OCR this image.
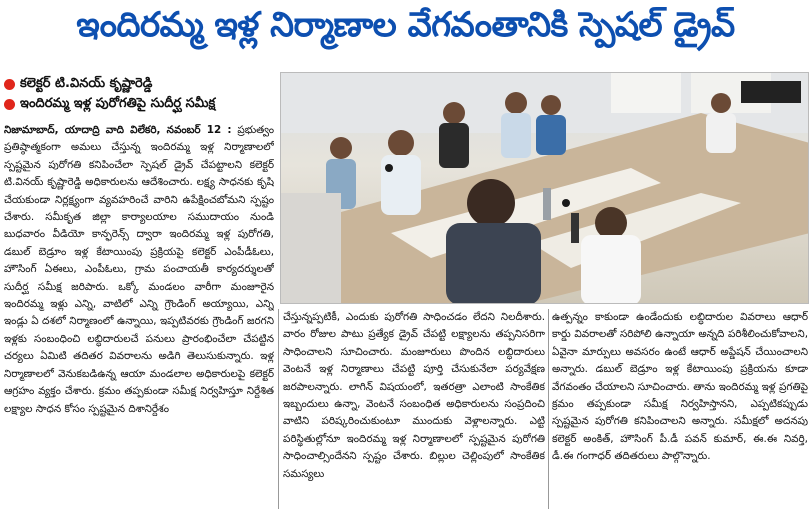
ఇందిరమ్మ ఇళ్ల నిర్మాణాల వేగవంతానికి స్పెషల్ డ్రైవ్
కలెక్టర్ టి.వినయ్ కృష్ణారెడ్డి
ఇందిరమ్మ ఇళ్ల పురోగతిపై సుదీర్ఘ సమీక్ష

నిజామాబాద్, యాదాద్రి వాది విలేకరి, నవంబర్ 12 : ప్రభుత్వం ప్రతిష్ఠాత్మకంగా అమలు చేస్తున్న ఇందిరమ్మ ఇళ్ల నిర్మాణాలలో స్పష్టమైన పురోగతి కనిపించేలా స్పెషల్ డ్రైవ్ చేపట్టాలని కలెక్టర్ టి.వినయ్ కృష్ణారెడ్డి అధికారులను ఆదేశించారు. లక్ష్య సాధనకు కృషి చేయకుండా నిర్లక్ష్యంగా వ్యవహరించే వారిని ఉపేక్షించబోమని స్పష్టం చేశారు. సమీకృత జిల్లా కార్యాలయాల సముదాయం నుండి బుధవారం వీడియో కాన్ఫరెన్స్ ద్వారా ఇందిరమ్మ ఇళ్ల పురోగతి, డబుల్ బెడ్రూం ఇళ్ల కేటాయింపు ప్రక్రియపై కలెక్టర్ ఎంపీడీఓలు, హౌసింగ్ ఏఈలు, ఎంపీఓలు, గ్రామ పంచాయతీ కార్యదర్శులతో సుదీర్ఘ సమీక్ష జరిపారు. ఒక్కో మండలం వారీగా మంజూరైన ఇందిరమ్మ ఇళ్లు ఎన్ని, వాటిలో ఎన్ని గ్రౌండింగ్ అయ్యాయి, ఎన్ని ఇండ్లు ఏ దశలో నిర్మాణంలో ఉన్నాయి, ఇప్పటివరకు గ్రౌండింగ్ జరగని ఇళ్లకు సంబంధించి లబ్ధిదారులచే పనులు ప్రారంభించేలా చేపట్టిన చర్యలు ఏమిటి తదితర వివరాలను అడిగి తెలుసుకున్నారు. ఇళ్ల నిర్మాణాలలో వెనుకబడిఉన్న ఆయా మండలాల అధికారులపై కలెక్టర్ ఆగ్రహం వ్యక్తం చేశారు. క్రమం తప్పకుండా సమీక్ష నిర్వహిస్తూ నిర్దేశిత లక్ష్యాల సాధన కోసం స్పష్టమైన దిశానిర్దేశం

చేస్తున్నప్పటికీ, ఎందుకు పురోగతి సాధించడం లేదని నిలదీశారు. వారం రోజుల పాటు ప్రత్యేక డ్రైవ్ చేపట్టి లక్ష్యాలను తప్పనిసరిగా సాధించాలని సూచించారు. మంజూరులు పొందిన లబ్ధిదారులు వెంటనే ఇళ్ల నిర్మాణాలు చేపట్టి పూర్తి చేసుకునేలా పర్యవేక్షణ జరపాలన్నారు. లాగిన్ విషయంలో, ఇతరత్రా ఎలాంటి సాంకేతిక ఇబ్బందులు ఉన్నా, వెంటనే సంబంధిత అధికారులను సంప్రదించి వాటిని పరిష్కరించుకుంటూ ముందుకు వెళ్లాలన్నారు. ఎట్టి పరిస్థితుల్లోనూ ఇందిరమ్మ ఇళ్ల నిర్మాణాలలో స్పష్టమైన పురోగతి సాధించాల్సిందేనని స్పష్టం చేశారు. బిల్లుల చెల్లింపులో సాంకేతిక సమస్యలు

ఉత్పన్నం కాకుండా ఉండేందుకు లబ్ధిదారుల వివరాలు ఆధార్ కార్డు వివరాలతో సరిపోలి ఉన్నాయా అన్నది పరిశీలించుకోవాలని, ఏవైనా మార్పులు అవసరం ఉంటే ఆధార్ అప్డేషన్ చేయించాలని అన్నారు. డబుల్ బెడ్రూం ఇళ్ల కేటాయింపు ప్రక్రియను కూడా వేగవంతం చేయాలని సూచించారు. తాను ఇందిరమ్మ ఇళ్ల ప్రగతిపై క్రమం తప్పకుండా సమీక్ష నిర్వహిస్తానని, ఎప్పటికప్పుడు స్పష్టమైన పురోగతి కనిపించాలని అన్నారు. సమీక్షలో అదనపు కలెక్టర్ అంకిత్, హౌసింగ్ పీ.డీ పవన్ కుమార్, ఈ.ఈ నివర్తి, డీ.ఈ గంగాధర్ తదితరులు పాల్గొన్నారు.
